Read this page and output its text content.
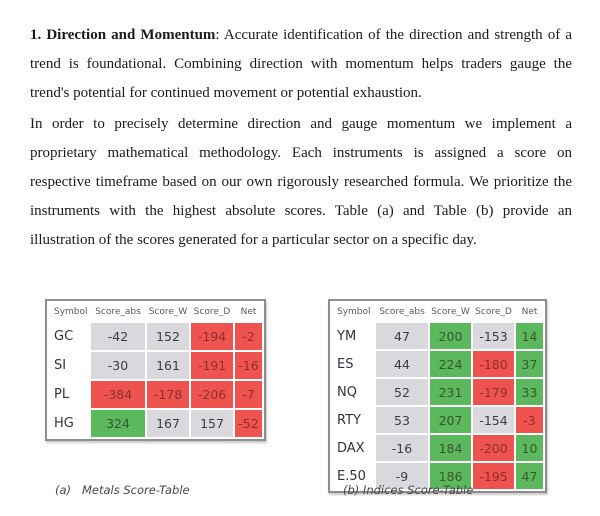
1. Direction and Momentum: Accurate identification of the direction and strength of a trend is foundational. Combining direction with momentum helps traders gauge the trend's potential for continued movement or potential exhaustion.

In order to precisely determine direction and gauge momentum we implement a proprietary mathematical methodology. Each instruments is assigned a score on respective timeframe based on our own rigorously researched formula. We prioritize the instruments with the highest absolute scores. Table (a) and Table (b) provide an illustration of the scores generated for a particular sector on a specific day.

Symbol	Score_abs	Score_W	Score_D	Net
GC	-42	152	-194	-2
SI	-30	161	-191	-16
PL	-384	-178	-206	-7
HG	324	167	157	-52
Symbol	Score_abs	Score_W	Score_D	Net
YM	47	200	-153	14
ES	44	224	-180	37
NQ	52	231	-179	33
RTY	53	207	-154	-3
DAX	-16	184	-200	10
E.50	-9	186	-195	47
(a)   Metals Score-Table	(b) Indices Score-Table
